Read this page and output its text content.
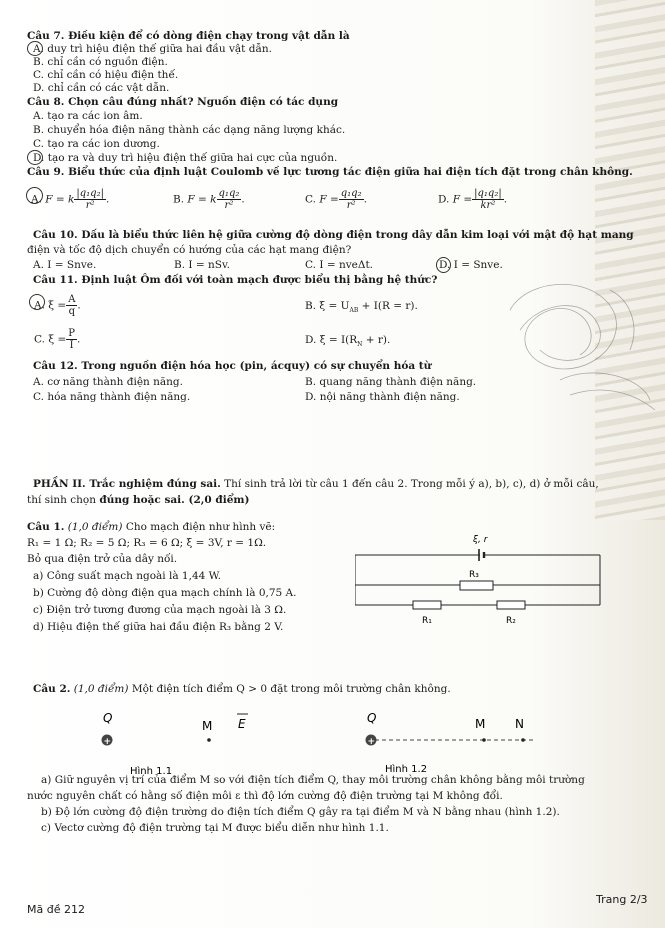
Câu 7. Điều kiện để có dòng điện chạy trong vật dẫn là
A. duy trì hiệu điện thế giữa hai đầu vật dẫn.
B. chỉ cần có nguồn điện.
C. chỉ cần có hiệu điện thế.
D. chỉ cần có các vật dẫn.
Câu 8. Chọn câu đúng nhất? Nguồn điện có tác dụng
A. tạo ra các ion âm.
B. chuyển hóa điện năng thành các dạng năng lượng khác.
C. tạo ra các ion dương.
D. tạo ra và duy trì hiệu điện thế giữa hai cực của nguồn.
Câu 9. Biểu thức của định luật Coulomb về lực tương tác điện giữa hai điện tích đặt trong chân không.
A. F = k $\frac{\text{|q₁q₂|}}{\text{r²}}$ .	B. F = k $\frac{\text{q₁q₂}}{\text{r²}}$ .	C. $F = \frac{\text{q₁q₂}}{\text{r²}}$ .	D. $F = \frac{\text{|q₁q₂|}}{\text{kr²}}$ .
Câu 10. Dấu là biểu thức liên hệ giữa cường độ dòng điện trong dây dẫn kim loại với mật độ hạt mang
điện và tốc độ dịch chuyển có hướng của các hạt mang điện?
A. I = Snve.	B. I = nSv.	C. I = nveΔt.	D. I = Snve.
Câu 11. Định luật Ôm đối với toàn mạch được biểu thị bằng hệ thức?
A. $\xi = \frac{A}{q}$ .	B. $\xi = U_{AB} + I(R = r)$.
C. $\xi = \frac{P}{I}$ .	D. $\xi = I(R_N + r)$.
Câu 12. Trong nguồn điện hóa học (pin, ácquy) có sự chuyển hóa từ
A. cơ năng thành điện năng.	B. quang năng thành điện năng.
C. hóa năng thành điện năng.	D. nội năng thành điện năng.
PHẦN II. Trắc nghiệm đúng sai. Thí sinh trả lời từ câu 1 đến câu 2. Trong mỗi ý a), b), c), d) ở mỗi câu,
thí sinh chọn đúng hoặc sai. (2,0 điểm)
Câu 1. (1,0 điểm) Cho mạch điện như hình vẽ:
R₁ = 1 Ω; R₂ = 5 Ω; R₃ = 6 Ω; ξ = 3V, r = 1Ω.
Bỏ qua điện trở của dây nối.
a) Công suất mạch ngoài là 1,44 W.
b) Cường độ dòng điện qua mạch chính là 0,75 A.
c) Điện trở tương đương của mạch ngoài là 3 Ω.
d) Hiệu điện thế giữa hai đầu điện R₃ bằng 2 V.
ξ, r
R₃
R₁	R₂
Câu 2. (1,0 điểm) Một điện tích điểm Q > 0 đặt trong môi trường chân không.
Q
M E
+
Hình 1.1
Q	M N
+
Hình 1.2
a) Giữ nguyên vị trí của điểm M so với điện tích điểm Q, thay môi trường chân không bằng môi trường
nước nguyên chất có hằng số điện môi ε thì độ lớn cường độ điện trường tại M không đổi.
b) Độ lớn cường độ điện trường do điện tích điểm Q gây ra tại điểm M và N bằng nhau (hình 1.2).
c) Vectơ cường độ điện trường tại M được biểu diễn như hình 1.1.
Mã đề 212
Trang 2/3
